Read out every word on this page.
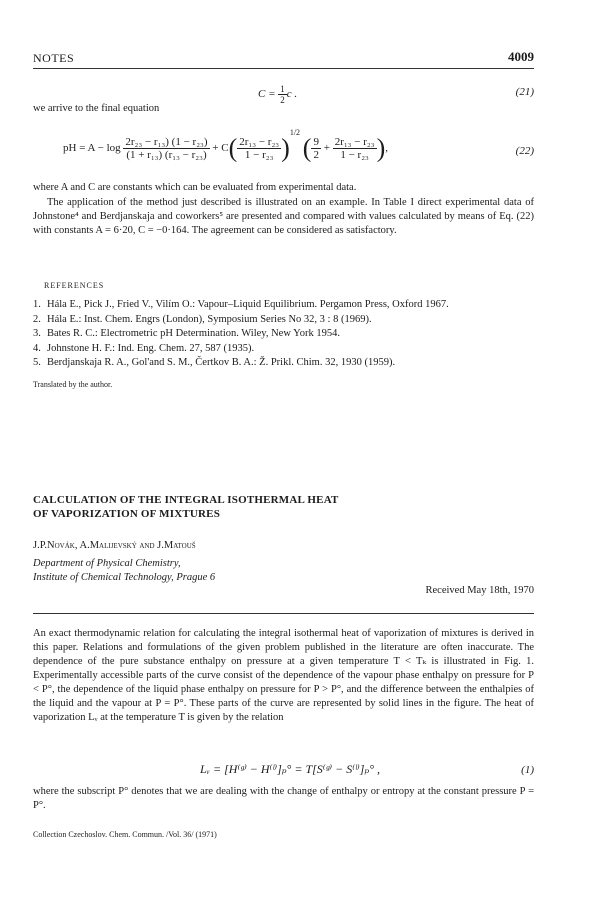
NOTES	4009
$C = \frac{1}{2}$ c .	(21)
we arrive to the final equation
pH = $A - \log \frac{\text{2r₂₃ − r₁₃) (1 − r₂₃)}}{\text{(1 + r₁₃) (r₁₃ − r₂₃)}} + C( \frac{\text{2r₁₃ − r₂₃}}{\text{1 − r₂₃}} )^{1/2}$ ( $\frac{9}{2} + \frac{\text{2r₁₃ − r₂₃}}{\text{1 − r₂₃}}$ ),	(22)
where A and C are constants which can be evaluated from experimental data.
The application of the method just described is illustrated on an example. In Table I direct experimental data of Johnstone⁴ and Berdjanskaja and coworkers⁵ are presented and compared with values calculated by means of Eq. (22) with constants A = 6·20, C = −0·164. The agreement can be considered as satisfactory.
REFERENCES
1. Hála E., Pick J., Fried V., Vilím O.: Vapour–Liquid Equilibrium. Pergamon Press, Oxford 1967.
2. Hála E.: Inst. Chem. Engrs (London), Symposium Series No 32, 3 : 8 (1969).
3. Bates R. C.: Electrometric pH Determination. Wiley, New York 1954.
4. Johnstone H. F.: Ind. Eng. Chem. 27, 587 (1935).
5. Berdjanskaja R. A., Gol'and S. M., Čertkov B. A.: Ž. Prikl. Chim. 32, 1930 (1959).
Translated by the author.
CALCULATION OF THE INTEGRAL ISOTHERMAL HEAT
OF VAPORIZATION OF MIXTURES
J.P.Novák, A.Malijevský and J.Matouš
Department of Physical Chemistry,
Institute of Chemical Technology, Prague 6
Received May 18th, 1970
An exact thermodynamic relation for calculating the integral isothermal heat of vaporization of mixtures is derived in this paper. Relations and formulations of the given problem published in the literature are often inaccurate. The dependence of the pure substance enthalpy on pressure at a given temperature T < Tₖ is illustrated in Fig. 1. Experimentally accessible parts of the curve consist of the dependence of the vapour phase enthalpy on pressure for P < P°, the dependence of the liquid phase enthalpy on pressure for P > P°, and the difference between the enthalpies of the liquid and the vapour at P = P°. These parts of the curve are represented by solid lines in the figure. The heat of vaporization Lᵥ at the temperature T is given by the relation
Lᵥ = [H⁽ᵍ⁾ − H⁽ˡ⁾]ₚ° = T[S⁽ᵍ⁾ − S⁽ˡ⁾]ₚ° ,	(1)
where the subscript P° denotes that we are dealing with the change of enthalpy or entropy at the constant pressure P = P°.
Collection Czechoslov. Chem. Commun. /Vol. 36/ (1971)
